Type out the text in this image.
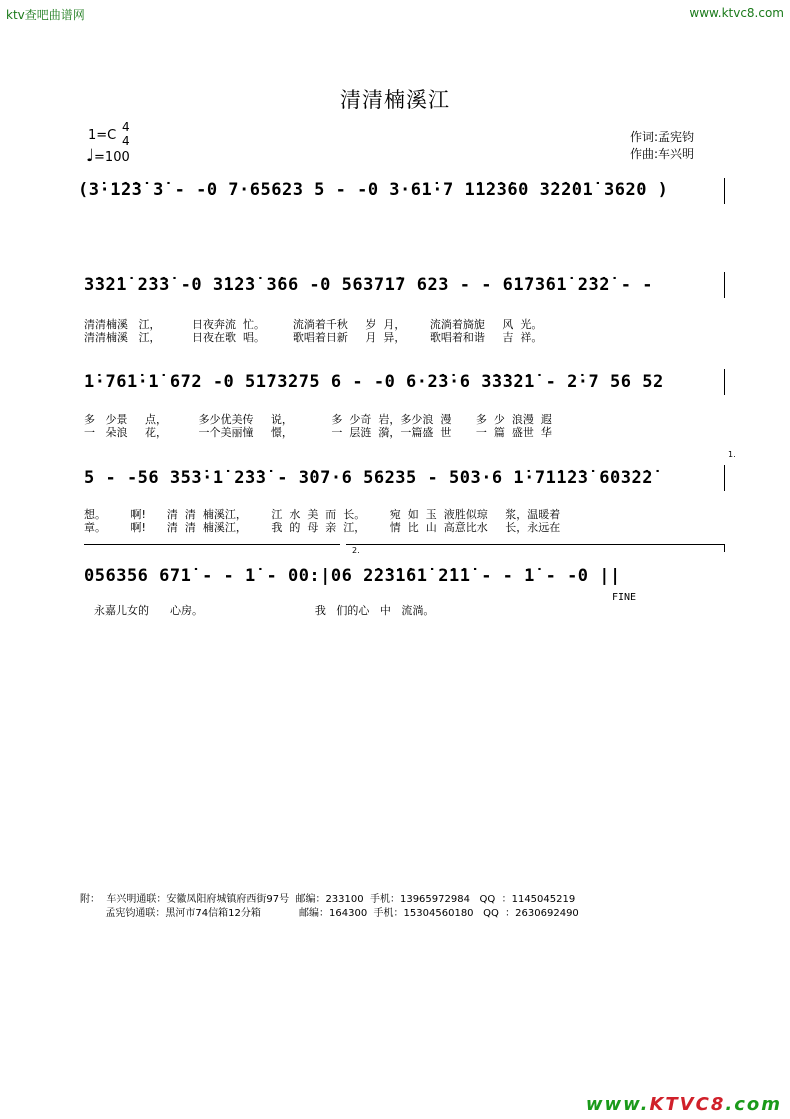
ktv查吧曲谱网	www.ktvc8.com
清清楠溪江
1=C
4
4
♩=100
作词:孟宪钧
作曲:车兴明
(3̇·1̇2̇3̇ 3̇ - -0 7·65623 5 - -0 3·61̇·7 1̇1̇2̇3̇60 3̇2̇2̇01̇ 3620 )
3̇3̇2̇1̇ 2̇3̇3̇ -0 3̇1̇2̇3̇ 3̇66 -0 56371̇7 623 - - 61̇73̇61̇ 2̇3̇2̇ - -
清清楠溪   江，         日夜奔流  忙。        流淌着千秋     岁  月，       流淌着旖旎     风  光。
清清楠溪   江，         日夜在歌  唱。        歌唱着日新     月  异，       歌唱着和谐     吉  祥。
1̇·761̇·1̇ 672 -0 51̇73̇275 6 - -0 6·2̇3̇·6 3̇3̇3̇2̇1̇ - 2̇·7 56 52
多   少景     点，         多少优美传     说，           多  少奇  岩，多少浪  漫       多  少  浪漫  遐
一   朵浪     花，         一个美丽憧     憬，           一  层涟  漪，一篇盛  世       一  篇  盛世  华
1.
5 - -56 353̇·1̇ 2̇3̇3̇ - 3̇07·6 56235 - 503·6 1̇·71̇1̇2̇3̇ 603̇2̇2̇
想。       啊!      清  清  楠溪江，       江  水  美  而  长。       宛  如  玉  液胜似琼     浆，温暖着
章。       啊!      清  清  楠溪江，       我  的  母  亲  江，       情  比  山  高意比水     长，永远在
2.
056356 671̇ - - 1̇ - 00:|06 2̇2̇3̇1̇61̇ 2̇1̇1̇ - - 1̇ - -0 ||
永嘉儿女的      心房。                                我   们的心   中   流淌。
FINE
附：  车兴明通联：安徽凤阳府城镇府西街97号  邮编：233100  手机：13965972984   QQ  ：1145045219
孟宪钧通联：黑河市74信箱12分箱            邮编：164300  手机：15304560180   QQ  ：2630692490
www.KTVC8.com
